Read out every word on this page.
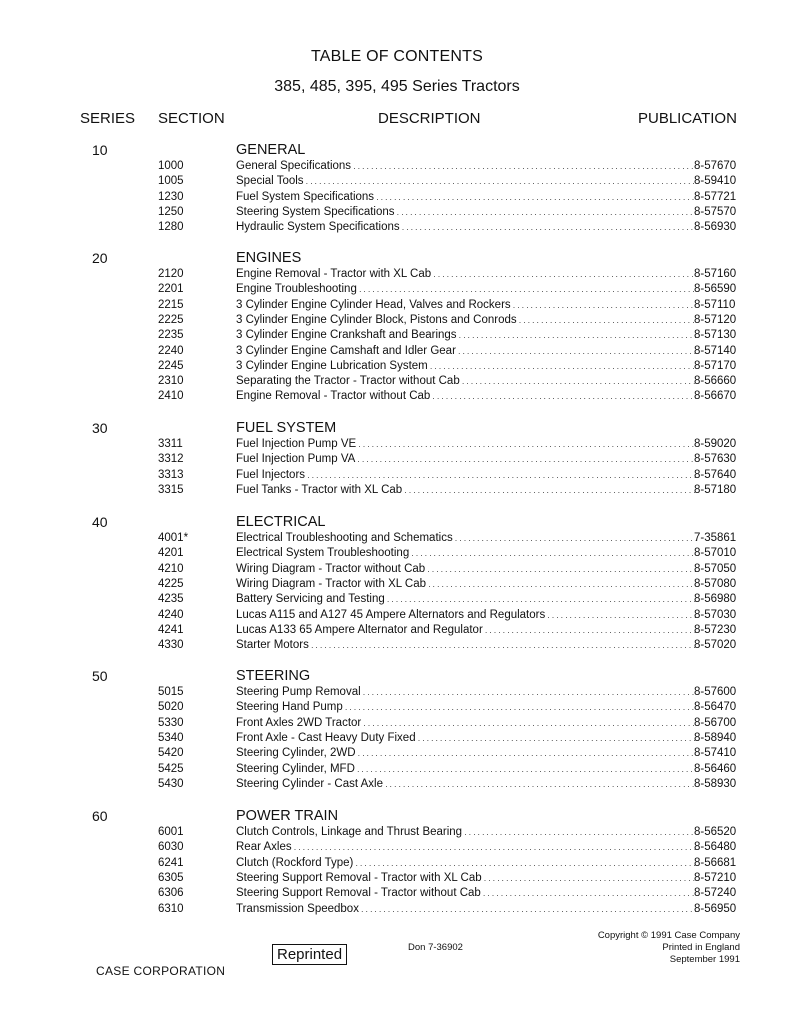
TABLE OF CONTENTS
385, 485, 395, 495 Series Tractors
SERIES SECTION	DESCRIPTION	PUBLICATION
10	GENERAL
1000	General Specifications . . .	8-57670
1005	Special Tools . . .	8-59410
1230	Fuel System Specifications . . .	8-57721
1250	Steering System Specifications . . .	8-57570
1280	Hydraulic System Specifications . . .	8-56930
20	ENGINES
2120	Engine Removal - Tractor with XL Cab . . .	8-57160
2201	Engine Troubleshooting . . .	8-56590
2215	3 Cylinder Engine Cylinder Head, Valves and Rockers . . .	8-57110
2225	3 Cylinder Engine Cylinder Block, Pistons and Conrods . . .	8-57120
2235	3 Cylinder Engine Crankshaft and Bearings . . .	8-57130
2240	3 Cylinder Engine Camshaft and Idler Gear . . .	8-57140
2245	3 Cylinder Engine Lubrication System . . .	8-57170
2310	Separating the Tractor - Tractor without Cab . . .	8-56660
2410	Engine Removal - Tractor without Cab . . .	8-56670
30	FUEL SYSTEM
3311	Fuel Injection Pump VE . . .	8-59020
3312	Fuel Injection Pump VA . . .	8-57630
3313	Fuel Injectors . . .	8-57640
3315	Fuel Tanks - Tractor with XL Cab . . .	8-57180
40	ELECTRICAL
4001*	Electrical Troubleshooting and Schematics . . .	7-35861
4201	Electrical System Troubleshooting . . .	8-57010
4210	Wiring Diagram - Tractor without Cab . . .	8-57050
4225	Wiring Diagram - Tractor with XL Cab . . .	8-57080
4235	Battery Servicing and Testing . . .	8-56980
4240	Lucas A115 and A127 45 Ampere Alternators and Regulators . . .	8-57030
4241	Lucas A133 65 Ampere Alternator and Regulator . . .	8-57230
4330	Starter Motors . . .	8-57020
50	STEERING
5015	Steering Pump Removal . . .	8-57600
5020	Steering Hand Pump . . .	8-56470
5330	Front Axles 2WD Tractor . . .	8-56700
5340	Front Axle - Cast Heavy Duty Fixed . . .	8-58940
5420	Steering Cylinder, 2WD . . .	8-57410
5425	Steering Cylinder, MFD . . .	8-56460
5430	Steering Cylinder - Cast Axle . . .	8-58930
60	POWER TRAIN
6001	Clutch Controls, Linkage and Thrust Bearing . . .	8-56520
6030	Rear Axles . . .	8-56480
6241	Clutch (Rockford Type) . . .	8-56681
6305	Steering Support Removal - Tractor with XL Cab . . .	8-57210
6306	Steering Support Removal - Tractor without Cab . . .	8-57240
6310	Transmission Speedbox . . .	8-56950
Copyright © 1991 Case Company
Printed in England
September 1991
Don 7-36902
Reprinted
CASE CORPORATION
